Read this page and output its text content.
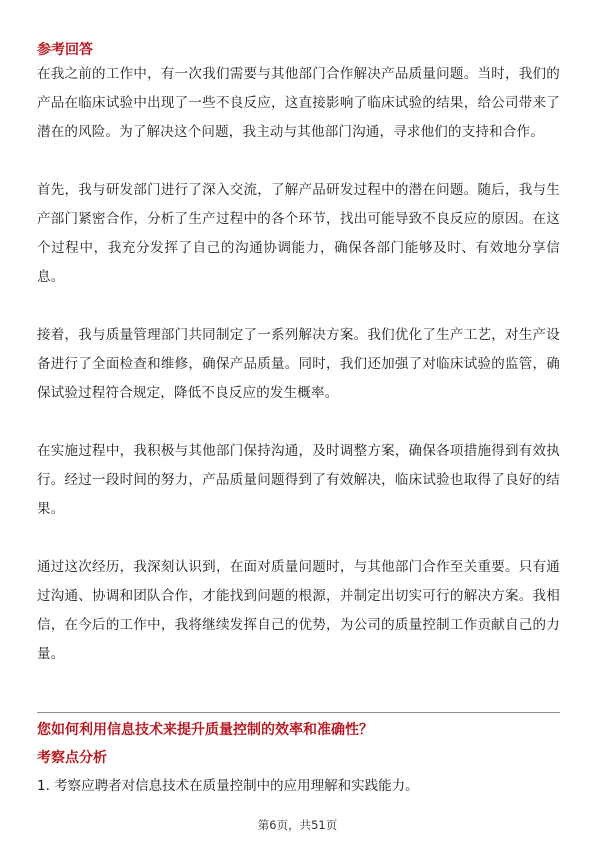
参考回答

在我之前的工作中，有一次我们需要与其他部门合作解决产品质量问题。当时，我们的产品在临床试验中出现了一些不良反应，这直接影响了临床试验的结果，给公司带来了潜在的风险。为了解决这个问题，我主动与其他部门沟通，寻求他们的支持和合作。

首先，我与研发部门进行了深入交流，了解产品研发过程中的潜在问题。随后，我与生产部门紧密合作，分析了生产过程中的各个环节，找出可能导致不良反应的原因。在这个过程中，我充分发挥了自己的沟通协调能力，确保各部门能够及时、有效地分享信息。

接着，我与质量管理部门共同制定了一系列解决方案。我们优化了生产工艺，对生产设备进行了全面检查和维修，确保产品质量。同时，我们还加强了对临床试验的监管，确保试验过程符合规定，降低不良反应的发生概率。

在实施过程中，我积极与其他部门保持沟通，及时调整方案，确保各项措施得到有效执行。经过一段时间的努力，产品质量问题得到了有效解决，临床试验也取得了良好的结果。

通过这次经历，我深刻认识到，在面对质量问题时，与其他部门合作至关重要。只有通过沟通、协调和团队合作，才能找到问题的根源，并制定出切实可行的解决方案。我相信，在今后的工作中，我将继续发挥自己的优势，为公司的质量控制工作贡献自己的力量。

您如何利用信息技术来提升质量控制的效率和准确性？

考察点分析

1. 考察应聘者对信息技术在质量控制中的应用理解和实践能力。

第6页，共51页
